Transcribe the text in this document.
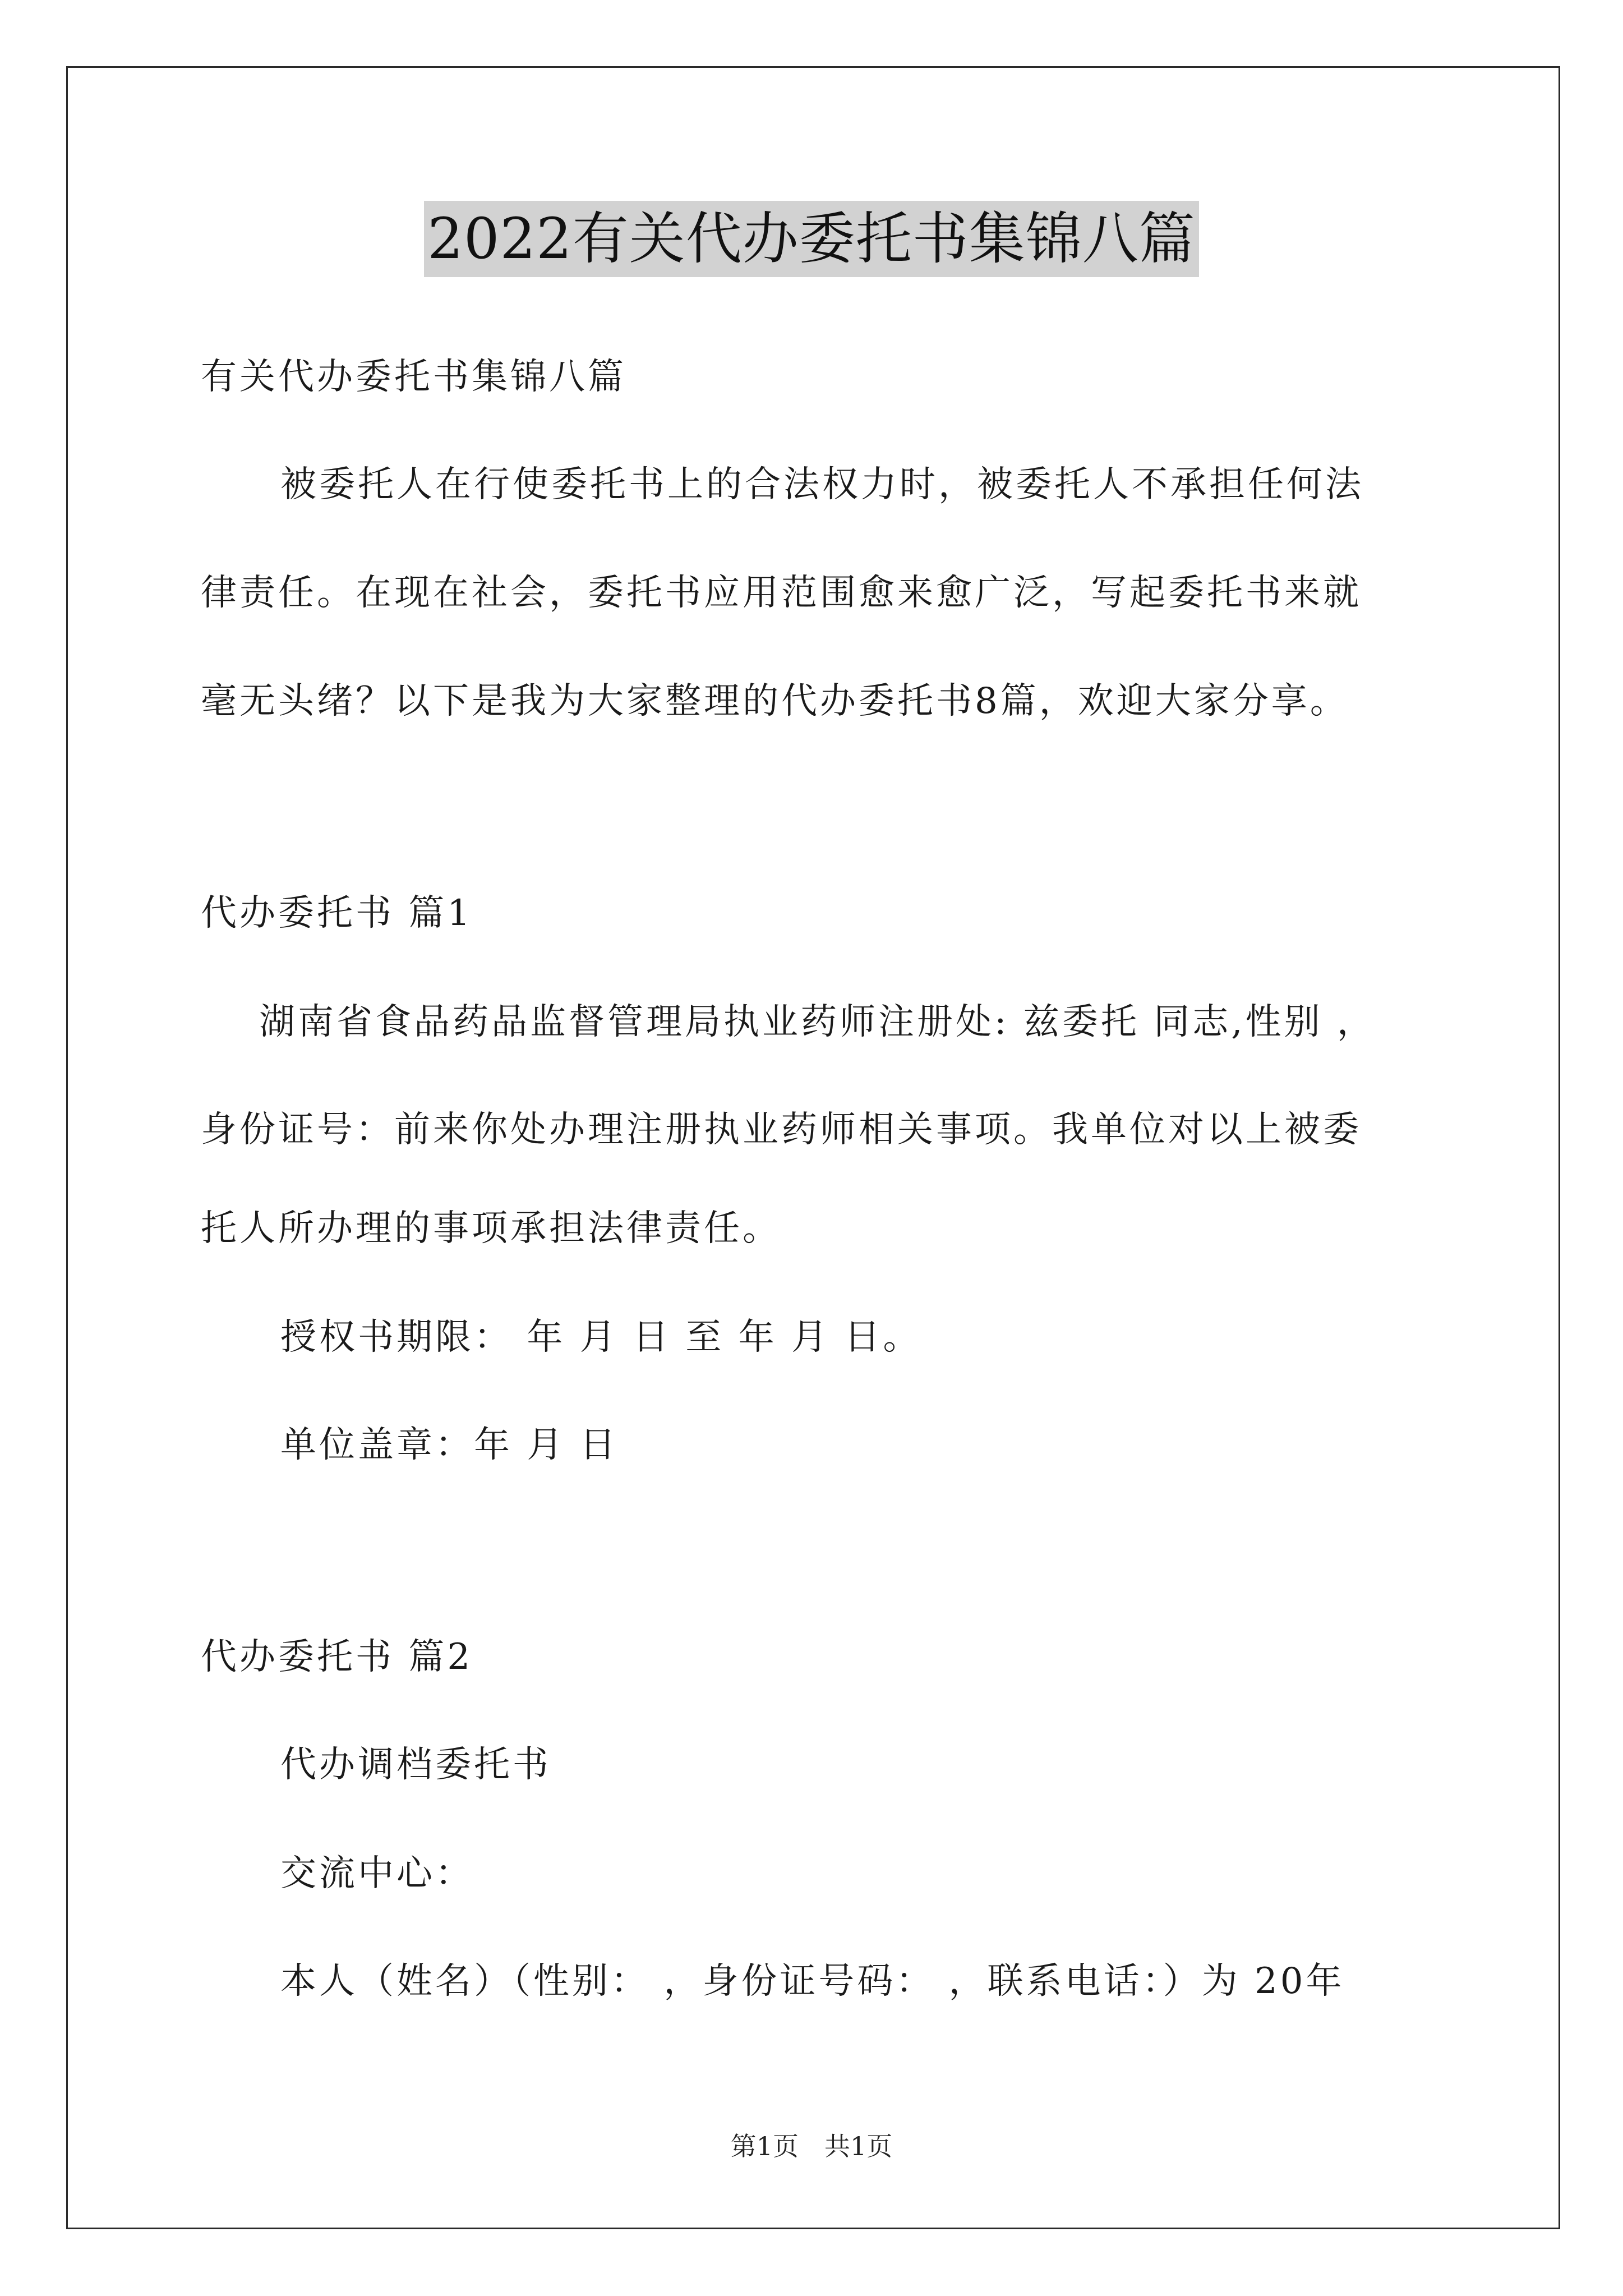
2022有关代办委托书集锦八篇
有关代办委托书集锦八篇
被委托人在行使委托书上的合法权力时，被委托人不承担任何法
律责任。在现在社会，委托书应用范围愈来愈广泛，写起委托书来就
毫无头绪？以下是我为大家整理的代办委托书8篇，欢迎大家分享。
代办委托书 篇1
湖南省食品药品监督管理局执业药师注册处: 兹委托 同志,性别 ，
身份证号：前来你处办理注册执业药师相关事项。我单位对以上被委
托人所办理的事项承担法律责任。
授权书期限： 年 月 日 至 年 月 日。
单位盖章：年 月 日
代办委托书 篇2
代办调档委托书
交流中心：
本人（姓名）（性别： ，身份证号码： ，联系电话：）为 20年
第1页　共1页
